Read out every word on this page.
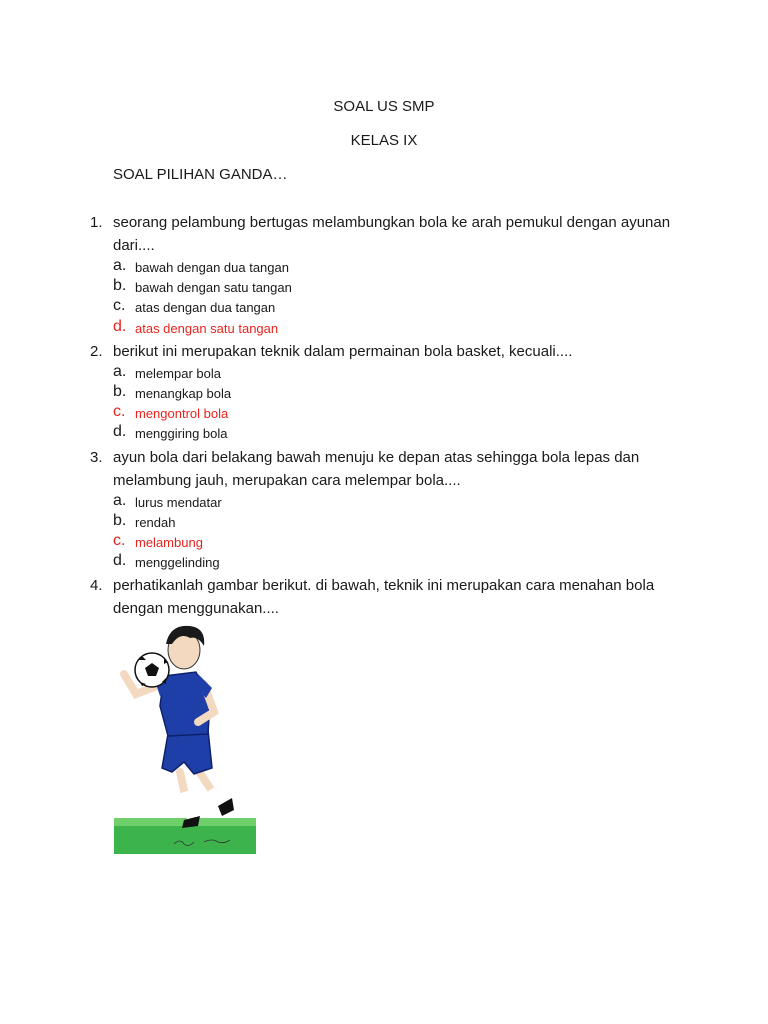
SOAL US SMP
KELAS IX
SOAL PILIHAN GANDA…
1. seorang pelambung bertugas melambungkan bola ke arah pemukul dengan ayunan dari....
a. bawah dengan dua tangan
b. bawah dengan satu tangan
c. atas dengan dua tangan
d. atas dengan satu tangan
2. berikut ini merupakan teknik dalam permainan bola basket, kecuali....
a. melempar bola
b. menangkap bola
c. mengontrol bola
d. menggiring bola
3. ayun bola dari belakang bawah menuju ke depan atas sehingga bola lepas dan melambung jauh, merupakan cara melempar bola....
a. lurus mendatar
b. rendah
c. melambung
d. menggelinding
4. perhatikanlah gambar berikut. di bawah, teknik ini merupakan cara menahan bola dengan menggunakan....
